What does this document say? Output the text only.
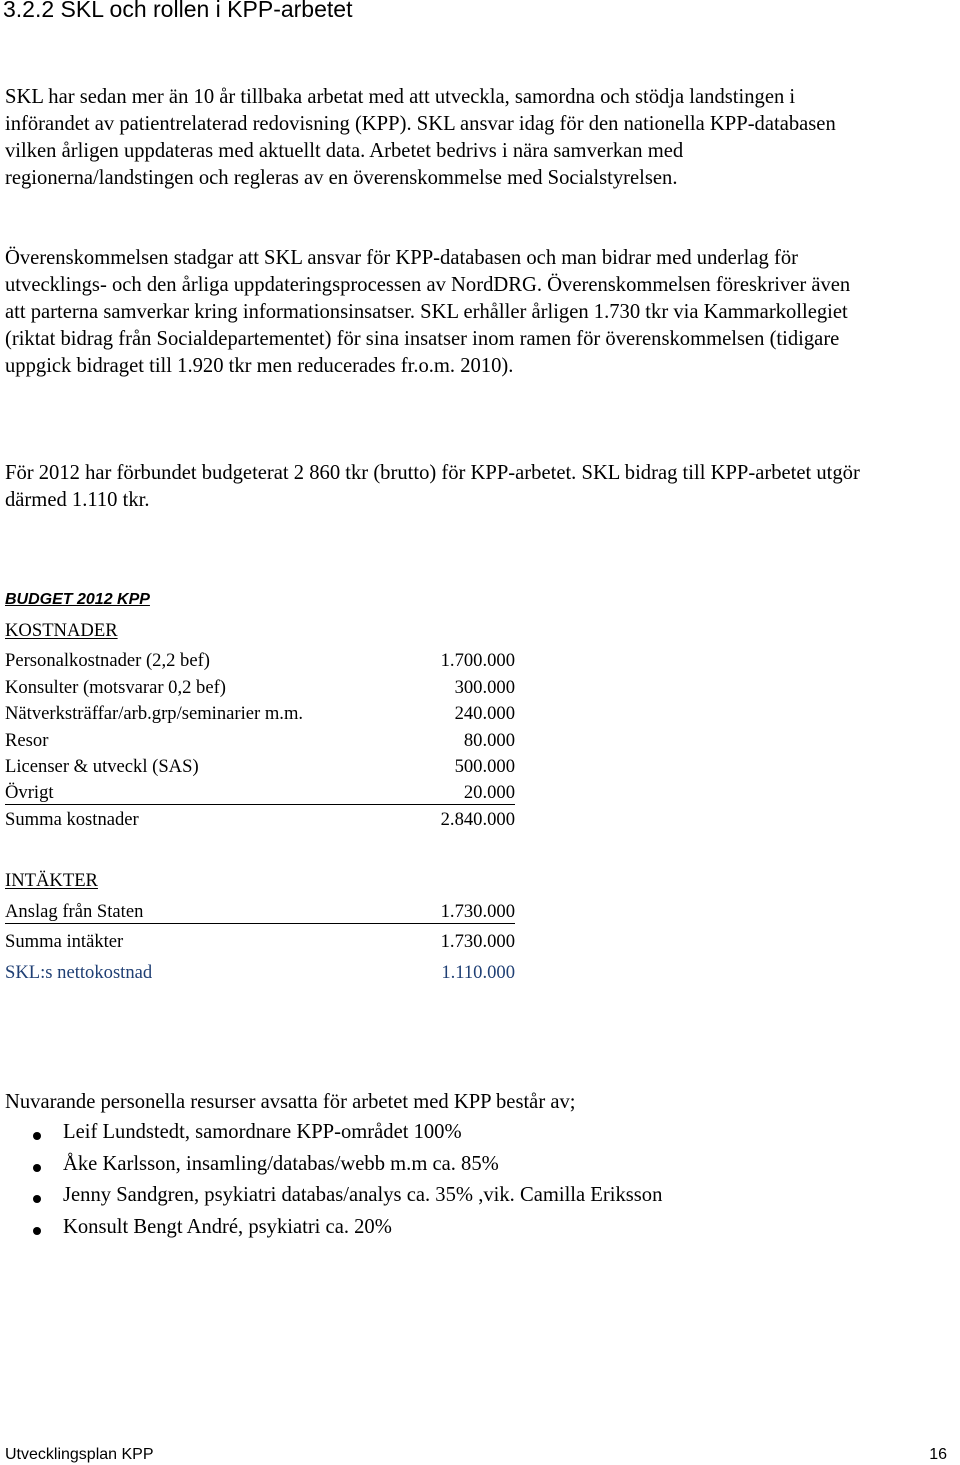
3.2.2 SKL och rollen i KPP-arbetet
SKL har sedan mer än 10 år tillbaka arbetat med att utveckla, samordna och stödja landstingen i
införandet av patientrelaterad redovisning (KPP). SKL ansvar idag för den nationella KPP-databasen
vilken årligen uppdateras med aktuellt data. Arbetet bedrivs i nära samverkan med
regionerna/landstingen och regleras av en överenskommelse med Socialstyrelsen.
Överenskommelsen stadgar att SKL ansvar för KPP-databasen och man bidrar med underlag för
utvecklings- och den årliga uppdateringsprocessen av NordDRG. Överenskommelsen föreskriver även
att parterna samverkar kring informationsinsatser. SKL erhåller årligen 1.730 tkr via Kammarkollegiet
(riktat bidrag från Socialdepartementet) för sina insatser inom ramen för överenskommelsen (tidigare
uppgick bidraget till 1.920 tkr men reducerades fr.o.m. 2010).
För 2012 har förbundet budgeterat 2 860 tkr (brutto) för KPP-arbetet. SKL bidrag till KPP-arbetet utgör
därmed 1.110 tkr.
BUDGET 2012 KPP
KOSTNADER
Personalkostnader (2,2 bef)	1.700.000
Konsulter (motsvarar 0,2 bef)	300.000
Nätverksträffar/arb.grp/seminarier m.m.	240.000
Resor	80.000
Licenser & utveckl (SAS)	500.000
Övrigt	20.000
Summa kostnader	2.840.000
INTÄKTER
Anslag från Staten	1.730.000
Summa intäkter	1.730.000
SKL:s nettokostnad	1.110.000
Nuvarande personella resurser avsatta för arbetet med KPP består av;
Leif Lundstedt, samordnare KPP-området 100%
Åke Karlsson, insamling/databas/webb m.m ca. 85%
Jenny Sandgren, psykiatri databas/analys ca. 35% ,vik. Camilla Eriksson
Konsult Bengt André, psykiatri ca. 20%
Utvecklingsplan KPP	16
